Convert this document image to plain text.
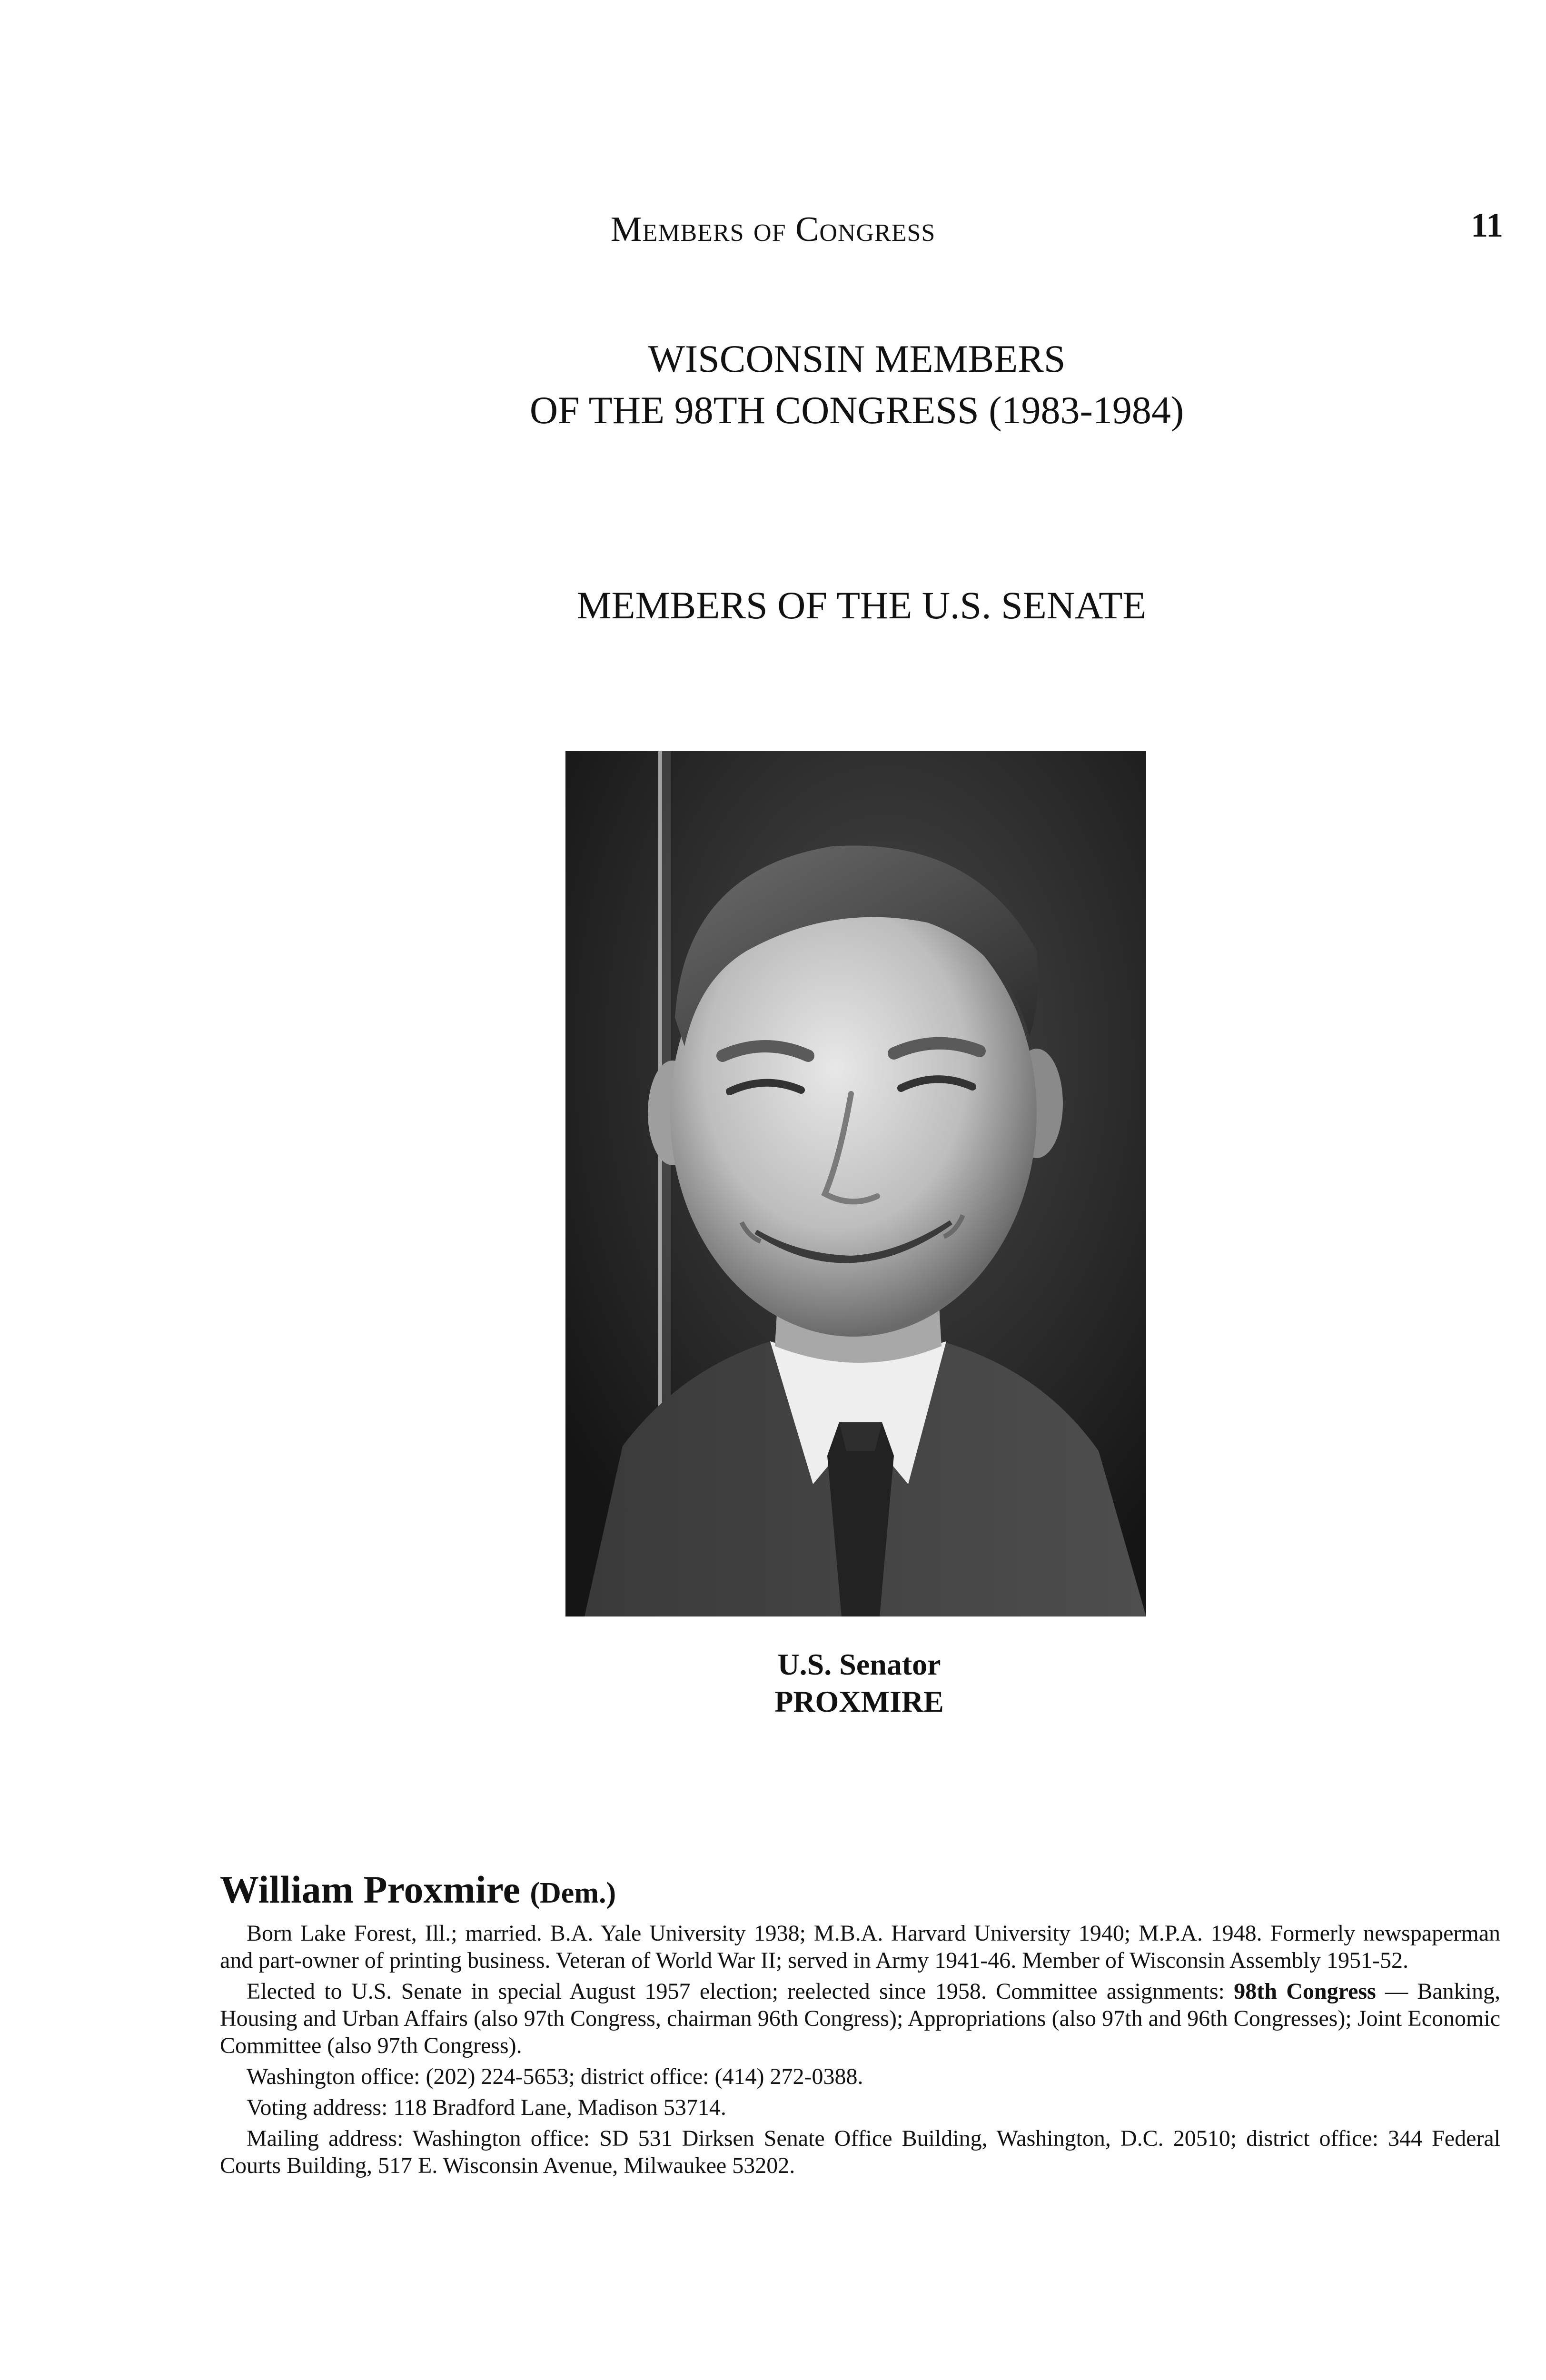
Members of Congress	11
WISCONSIN MEMBERS
OF THE 98TH CONGRESS (1983-1984)
MEMBERS OF THE U.S. SENATE
U.S. Senator
PROXMIRE
William Proxmire (Dem.)

Born Lake Forest, Ill.; married. B.A. Yale University 1938; M.B.A. Harvard University 1940; M.P.A. 1948. Formerly newspaperman and part-owner of printing business. Veteran of World War II; served in Army 1941-46. Member of Wisconsin Assembly 1951-52.

Elected to U.S. Senate in special August 1957 election; reelected since 1958. Committee assignments: 98th Congress — Banking, Housing and Urban Affairs (also 97th Congress, chairman 96th Congress); Appropriations (also 97th and 96th Congresses); Joint Economic Committee (also 97th Congress).

Washington office: (202) 224-5653; district office: (414) 272-0388.

Voting address: 118 Bradford Lane, Madison 53714.

Mailing address: Washington office: SD 531 Dirksen Senate Office Building, Washington, D.C. 20510; district office: 344 Federal Courts Building, 517 E. Wisconsin Avenue, Milwaukee 53202.
